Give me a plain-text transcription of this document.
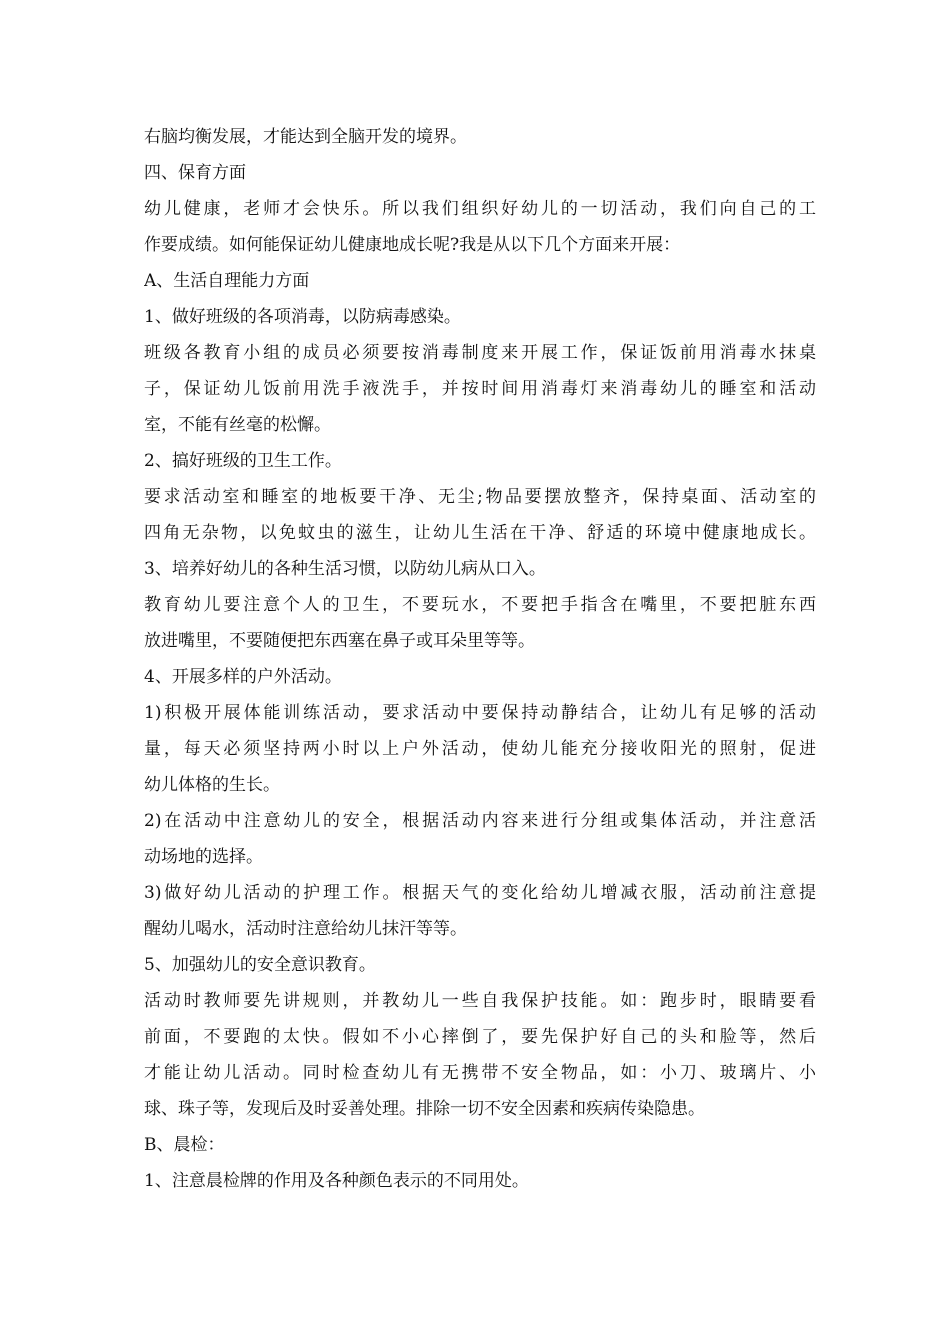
右脑均衡发展，才能达到全脑开发的境界。
四、保育方面
幼儿健康，老师才会快乐。所以我们组织好幼儿的一切活动，我们向自己的工
作要成绩。如何能保证幼儿健康地成长呢?我是从以下几个方面来开展：
A、生活自理能力方面
1、做好班级的各项消毒，以防病毒感染。
班级各教育小组的成员必须要按消毒制度来开展工作，保证饭前用消毒水抹桌
子，保证幼儿饭前用洗手液洗手，并按时间用消毒灯来消毒幼儿的睡室和活动
室，不能有丝毫的松懈。
2、搞好班级的卫生工作。
要求活动室和睡室的地板要干净、无尘;物品要摆放整齐，保持桌面、活动室的
四角无杂物，以免蚊虫的滋生，让幼儿生活在干净、舒适的环境中健康地成长。
3、培养好幼儿的各种生活习惯，以防幼儿病从口入。
教育幼儿要注意个人的卫生，不要玩水，不要把手指含在嘴里，不要把脏东西
放进嘴里，不要随便把东西塞在鼻子或耳朵里等等。
4、开展多样的户外活动。
1)积极开展体能训练活动，要求活动中要保持动静结合，让幼儿有足够的活动
量，每天必须坚持两小时以上户外活动，使幼儿能充分接收阳光的照射，促进
幼儿体格的生长。
2)在活动中注意幼儿的安全，根据活动内容来进行分组或集体活动，并注意活
动场地的选择。
3)做好幼儿活动的护理工作。根据天气的变化给幼儿增减衣服，活动前注意提
醒幼儿喝水，活动时注意给幼儿抹汗等等。
5、加强幼儿的安全意识教育。
活动时教师要先讲规则，并教幼儿一些自我保护技能。如：跑步时，眼睛要看
前面，不要跑的太快。假如不小心摔倒了，要先保护好自己的头和脸等，然后
才能让幼儿活动。同时检查幼儿有无携带不安全物品，如：小刀、玻璃片、小
球、珠子等，发现后及时妥善处理。排除一切不安全因素和疾病传染隐患。
B、晨检：
1、注意晨检牌的作用及各种颜色表示的不同用处。
